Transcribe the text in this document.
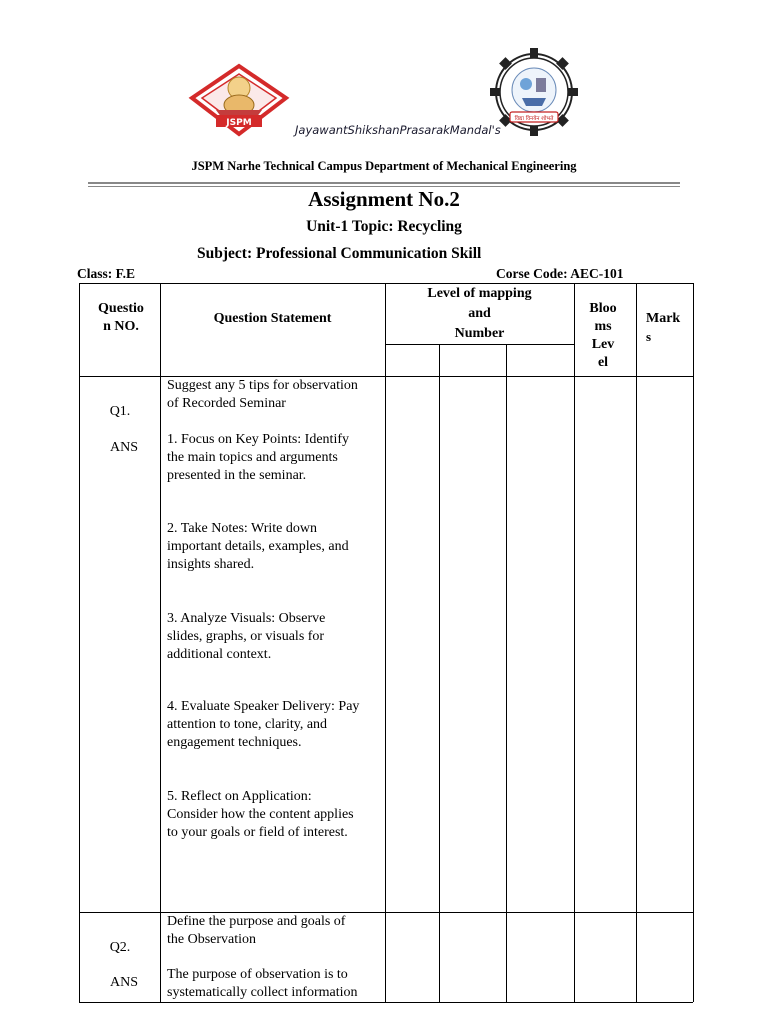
JSPM	JayawantShikshanPrasarakMandal's
विद्या विनयेन शोभते
JSPM Narhe Technical Campus Department of Mechanical Engineering
Assignment No.2
Unit-1 Topic: Recycling
Subject: Professional Communication Skill
Class: F.E	Corse Code: AEC-101
Questio
n NO.
Question Statement
Level of mapping
and
Number
Bloo
ms
Lev
el
Mark
s
Q1.
ANS
Suggest any 5 tips for observation
of Recorded Seminar
1. Focus on Key Points: Identify
the main topics and arguments
presented in the seminar.
2. Take Notes: Write down
important details, examples, and
insights shared.
3. Analyze Visuals: Observe
slides, graphs, or visuals for
additional context.
4. Evaluate Speaker Delivery: Pay
attention to tone, clarity, and
engagement techniques.
5. Reflect on Application:
Consider how the content applies
to your goals or field of interest.
Q2.
ANS
Define the purpose and goals of
the Observation
The purpose of observation is to
systematically collect information
